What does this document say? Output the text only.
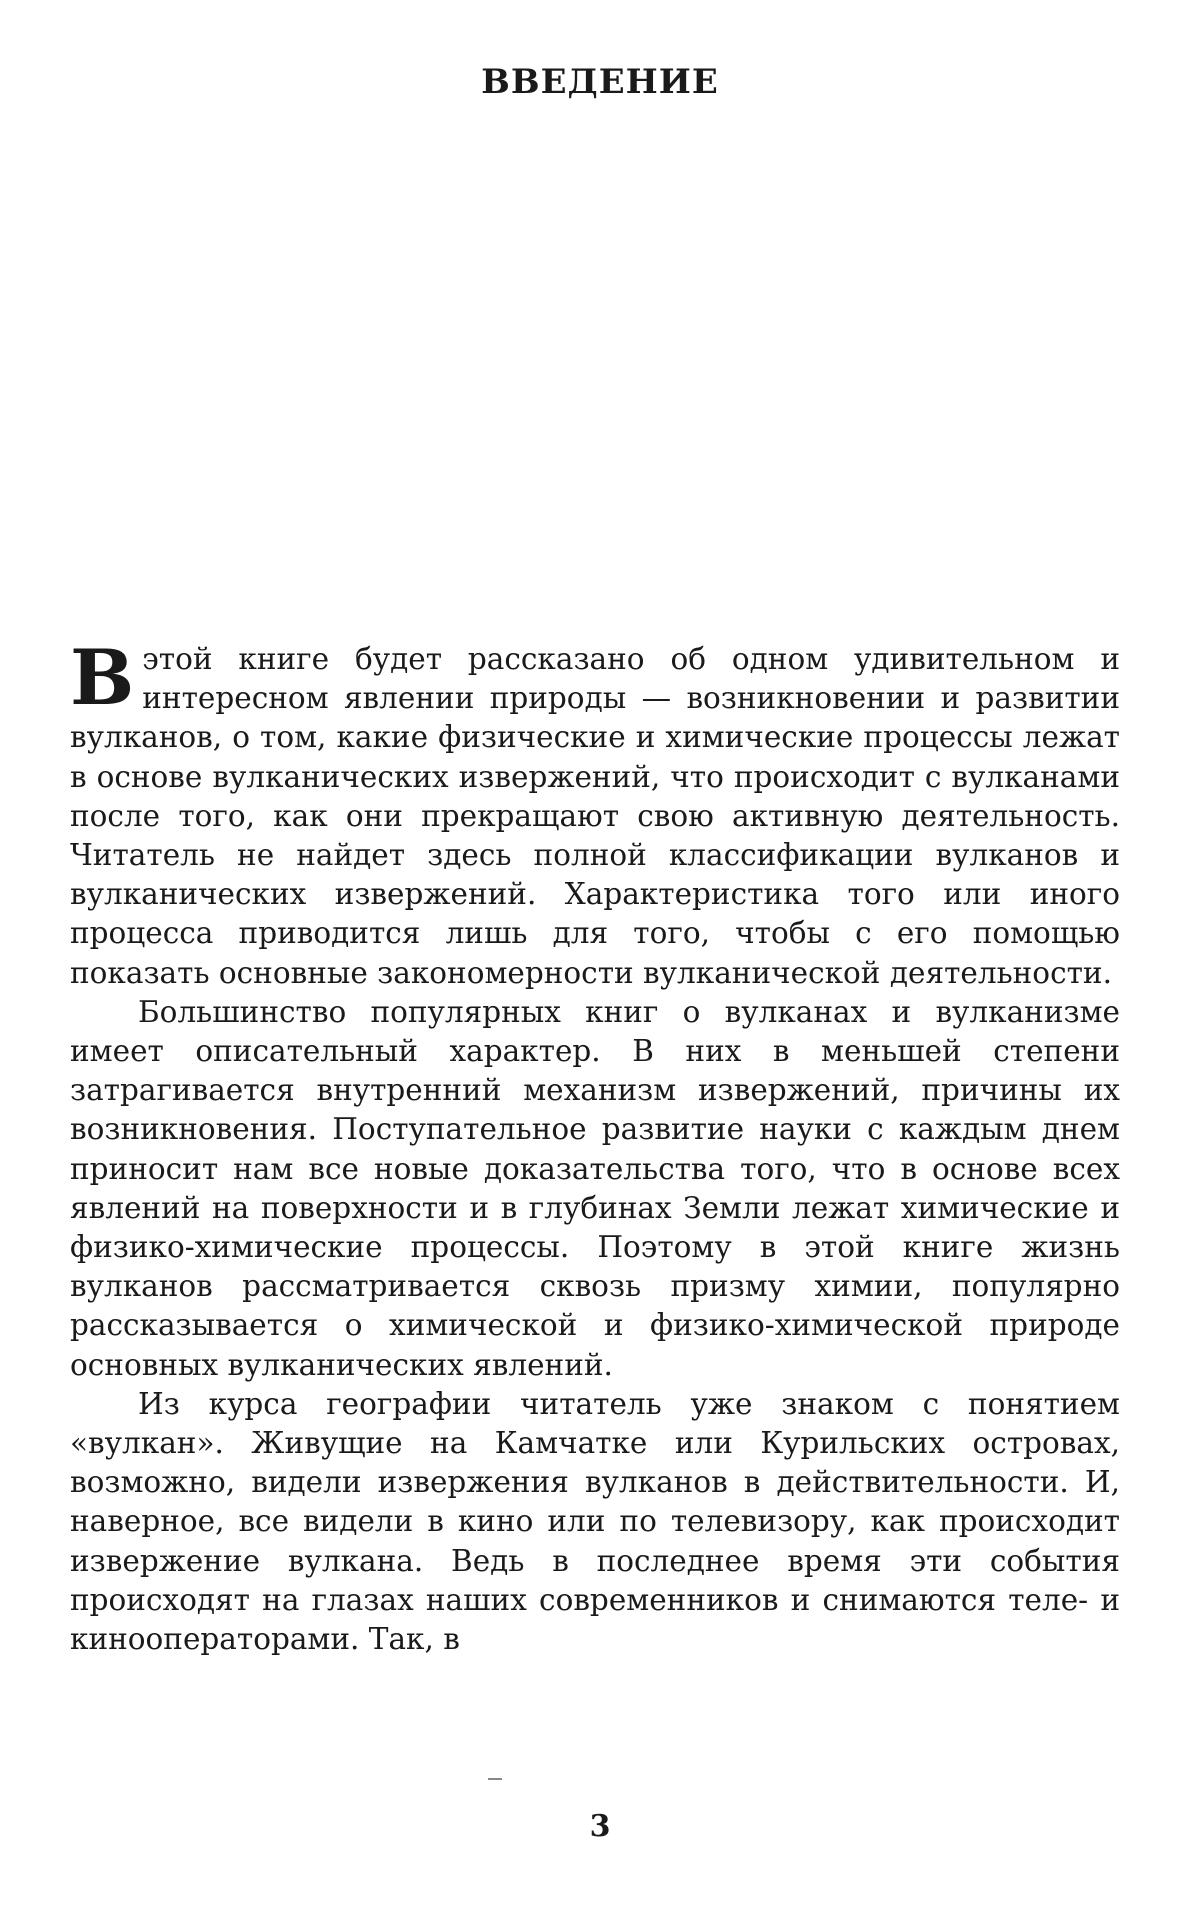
ВВЕДЕНИЕ

Вэтой книге будет рассказано об одном удивительном и интересном явлении природы — возникновении и развитии вулканов, о том, какие физические и химические процессы лежат в основе вулканических извержений, что происходит с вулканами после того, как они прекращают свою активную деятельность. Читатель не найдет здесь полной классификации вулканов и вулканических извержений. Характеристика того или иного процесса приводится лишь для того, чтобы с его помощью показать основные закономерности вулканической деятельности.

Большинство популярных книг о вулканах и вулканизме имеет описательный характер. В них в меньшей степени затрагивается внутренний механизм извержений, причины их возникновения. Поступательное развитие науки с каждым днем приносит нам все новые доказательства того, что в основе всех явлений на поверхности и в глубинах Земли лежат химические и физико-химические процессы. Поэтому в этой книге жизнь вулканов рассматривается сквозь призму химии, популярно рассказывается о химической и физико-химической природе основных вулканических явлений.

Из курса географии читатель уже знаком с понятием «вулкан». Живущие на Камчатке или Курильских островах, возможно, видели извержения вулканов в действительности. И, наверное, все видели в кино или по телевизору, как происходит извержение вулкана. Ведь в последнее время эти события происходят на глазах наших современников и снимаются теле- и кинооператорами. Так, в

3
